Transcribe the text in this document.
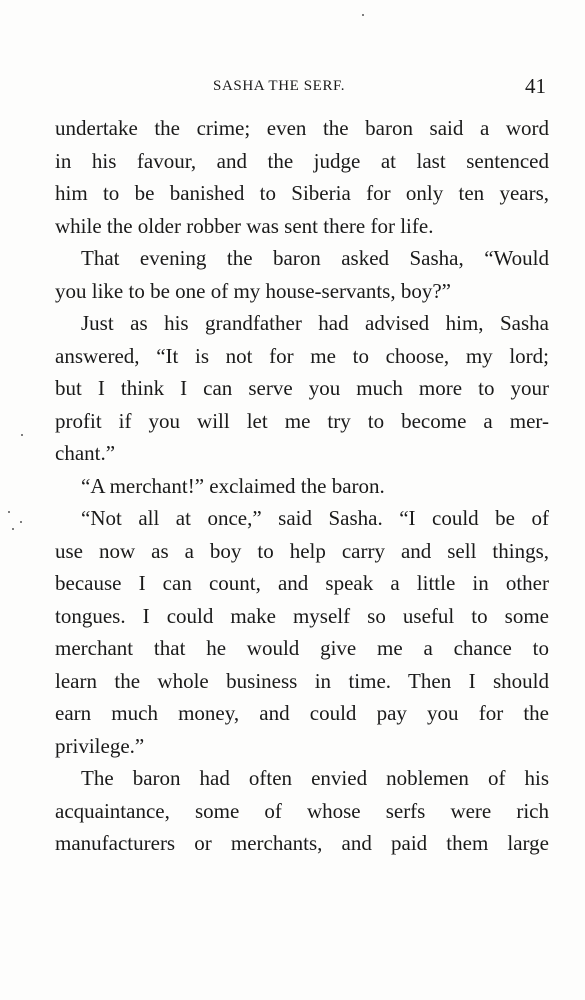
SASHA THE SERF.	41
undertake the crime; even the baron said a word
in his favour, and the judge at last sentenced
him to be banished to Siberia for only ten years,
while the older robber was sent there for life.
That evening the baron asked Sasha, “Would
you like to be one of my house-servants, boy?”
Just as his grandfather had advised him, Sasha
answered, “It is not for me to choose, my lord;
but I think I can serve you much more to your
profit if you will let me try to become a mer-
chant.”
“A merchant!” exclaimed the baron.
“Not all at once,” said Sasha. “I could be of
use now as a boy to help carry and sell things,
because I can count, and speak a little in other
tongues. I could make myself so useful to some
merchant that he would give me a chance to
learn the whole business in time. Then I should
earn much money, and could pay you for the
privilege.”
The baron had often envied noblemen of his
acquaintance, some of whose serfs were rich
manufacturers or merchants, and paid them large
